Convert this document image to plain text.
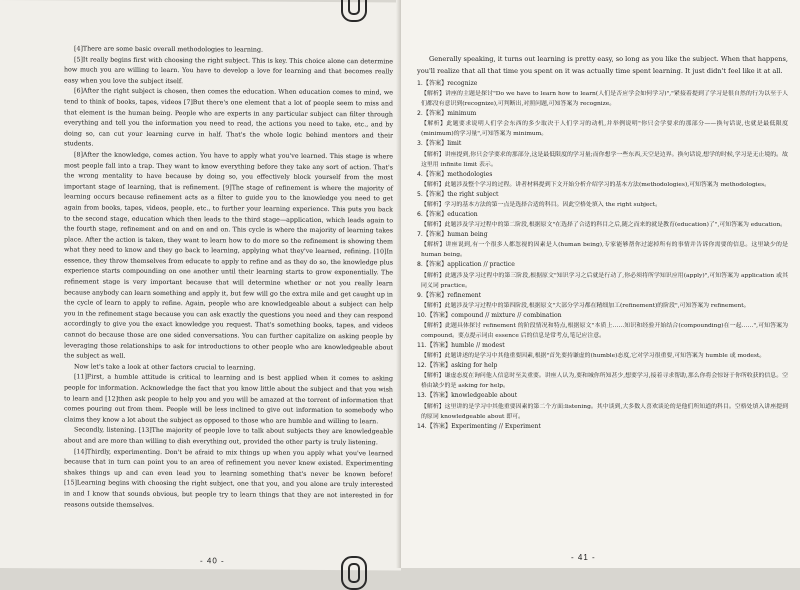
[4]There are some basic overall methodologies to learning.

[5]It really begins first with choosing the right subject. This is key. This choice alone can determine how much you are willing to learn. You have to develop a love for learning and that becomes really easy when you love the subject itself.

[6]After the right subject is chosen, then comes the education. When education comes to mind, we tend to think of books, tapes, videos [7]But there's one element that a lot of people seem to miss and that element is the human being. People who are experts in any particular subject can filter through everything and tell you the information you need to read, the actions you need to take, etc., and by doing so, can cut your learning curve in half. That's the whole logic behind mentors and their students.

[8]After the knowledge, comes action. You have to apply what you've learned. This stage is where most people fall into a trap. They want to know everything before they take any sort of action. That's the wrong mentality to have because by doing so, you effectively block yourself from the most important stage of learning, that is refinement. [9]The stage of refinement is where the majority of learning occurs because refinement acts as a filter to guide you to the knowledge you need to get again from books, tapes, videos, people, etc., to further your learning experience. This puts you back to the second stage, education which then leads to the third stage—application, which leads again to the fourth stage, refinement and on and on and on. This cycle is where the majority of learning takes place. After the action is taken, they want to learn how to do more so the refinement is showing them what they need to know and they go back to learning, applying what they've learned, refining. [10]In essence, they throw themselves from educate to apply to refine and as they do so, the knowledge plus experience starts compounding on one another until their learning starts to grow exponentially. The refinement stage is very important because that will determine whether or not you really learn because anybody can learn something and apply it, but few will go the extra mile and get caught up in the cycle of learn to apply to refine. Again, people who are knowledgeable about a subject can help you in the refinement stage because you can ask exactly the questions you need and they can respond accordingly to give you the exact knowledge you request. That's something books, tapes, and videos cannot do because those are one sided conversations. You can further capitalize on asking people by leveraging those relationships to ask for introductions to other people who are knowledgeable about the subject as well.

Now let's take a look at other factors crucial to learning.

[11]First, a humble attitude is critical to learning and is best applied when it comes to asking people for information. Acknowledge the fact that you know little about the subject and that you wish to learn and [12]then ask people to help you and you will be amazed at the torrent of information that comes pouring out from them. People will be less inclined to give out information to somebody who claims they know a lot about the subject as opposed to those who are humble and willing to learn.

Secondly, listening. [13]The majority of people love to talk about subjects they are knowledgeable about and are more than willing to dish everything out, provided the other party is truly listening.

[14]Thirdly, experimenting. Don't be afraid to mix things up when you apply what you've learned because that in turn can point you to an area of refinement you never knew existed. Experimenting shakes things up and can even lead you to learning something that's never be known before! [15]Learning begins with choosing the right subject, one that you, and you alone are truly interested in and I know that sounds obvious, but people try to learn things that they are not interested in for reasons outside themselves.

- 40 -

Generally speaking, it turns out learning is pretty easy, so long as you like the subject. When that happens, you'll realize that all that time you spent on it was actually time spent learning. It just didn't feel like it at all.

1.【答案】recognize

【解析】讲座的主题是探讨"Do we have to learn how to learn(人们是否应学会如何学习)","紧接着提到了学习是很自然的行为以至于人们都没有意识到(recognize),可判断出,对照问题,可知答案为 recognize。

2.【答案】minimum

【解析】此题要求说明人们学会东西的多少取决于人们学习的动机,并举例说明"你只会学要求的那部分——换句话说,也就是最低限度(minimum)的学习量",可知答案为 minimum。

3.【答案】limit

【解析】讲座提到,你只会学要求的那部分,这是最低限度的学习量;而你想学一些东西,天空是边界。换句话说,想学的时候,学习是无止境的。故这里用 infinite limit 表示。

4.【答案】methodologies

【解析】此题涉及整个学习的过程。讲者材料提到下文开始分析介绍学习的基本方法(methodologies),可知答案为 methodologies。

5.【答案】the right subject

【解析】学习的基本方法的第一点是选择合适的科目。因此空格处填入 the right subject。

6.【答案】education

【解析】此题涉及学习过程中的第二阶段,根据原文"在选择了合适的科目之后,随之而来的就是教育(education)了",可知答案为 education。

7.【答案】human being

【解析】讲座说到,有一个很多人都忽视的因素是人(human being),专家能够帮你过滤掉所有的事情并告诉你需要的信息。这里缺少的是 human being。

8.【答案】application // practice

【解析】此题涉及学习过程中的第三阶段,根据原文"知识学习之后就是行动了,你必须将所学知识应用(apply)",可知答案为 application 或其同义词 practice。

9.【答案】refinement

【解析】此题涉及学习过程中的第四阶段,根据原文"大部分学习都在精细加工(refinement)的阶段",可知答案为 refinement。

10.【答案】compound // mixture // combination

【解析】此题具体探讨 refinement 的阶段情况和特点,根据原文"本质上……知识和经验开始结合(compounding)在一起……",可知答案为 compound。要点提示词由 essence 后的信息是常考点,笔记应注意。

11.【答案】humble // modest

【解析】此题讲述的是学习中其他重要因素,根据"首先要持谦虚的(humble)态度,它对学习很重要,可知答案为 humble 或 modest。

12.【答案】asking for help

【解析】谦虚态度在询问他人信息时至关重要。讲座人认为,要和城你所知甚少,想要学习,接着寻求帮助,那么你将会惊讶于你所收获的信息。空格由缺少的是 asking for help。

13.【答案】knowledgeable about

【解析】这里讲的是学习中其他重要因素的第二个方面:listening。其中谈到,大多数人喜欢谈论的是他们所知道的科目。空格处填入讲座提到的原词 knowledgeable about 即可。

14.【答案】Experimenting // Experiment

- 41 -
